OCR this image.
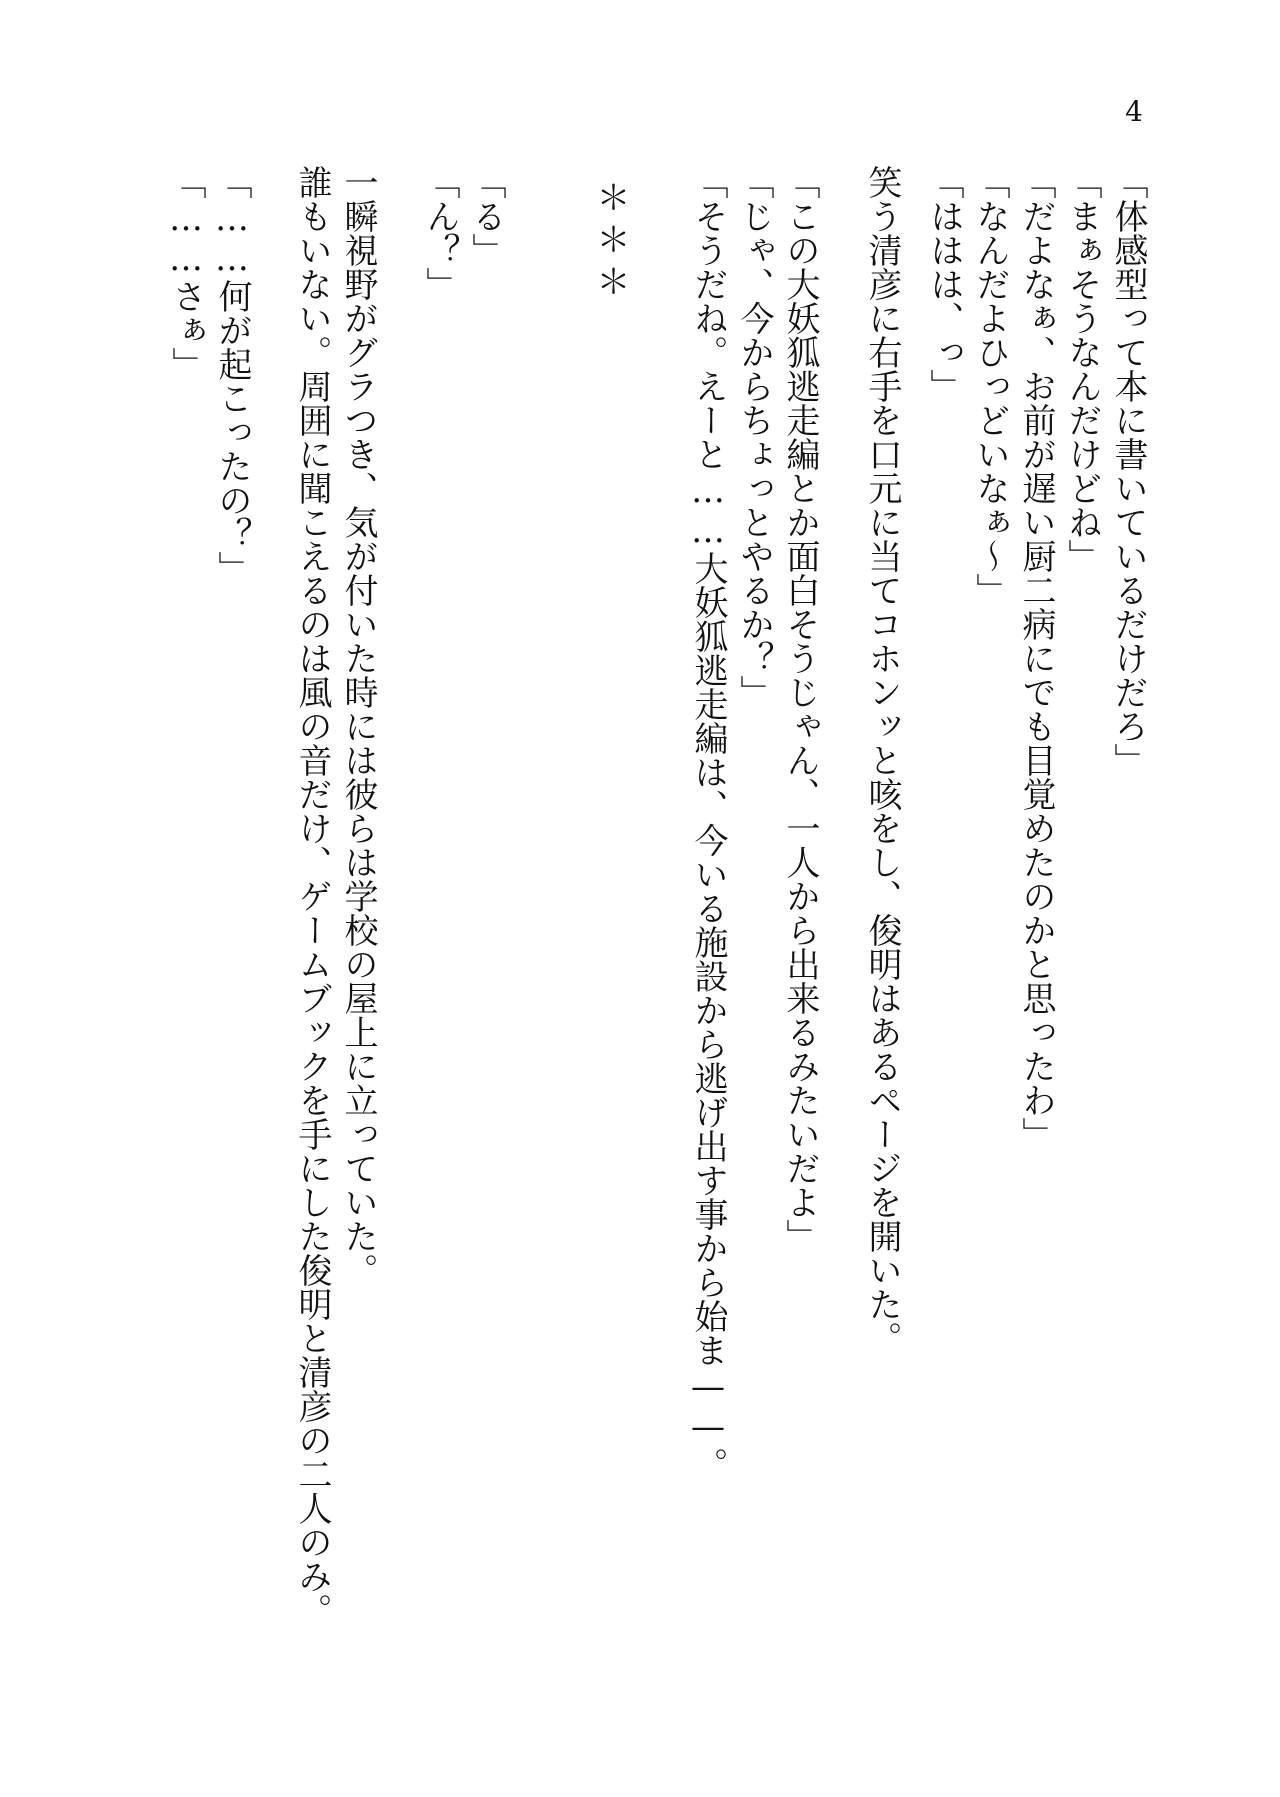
4
「体感型って本に書いているだけだろ」
「まぁそうなんだけどね」
「だよなぁ、お前が遅い厨二病にでも目覚めたのかと思ったわ」
「なんだよひっどいなぁ〜」
「ははは、っ」
笑う清彦に右手を口元に当てコホンッと咳をし、俊明はあるページを開いた。
「この大妖狐逃走編とか面白そうじゃん、一人から出来るみたいだよ」
「じゃ、今からちょっとやるか？」
「そうだね。えーと……大妖狐逃走編は、今いる施設から逃げ出す事から始ま——。
＊＊＊
「る」
「ん？」
一瞬視野がグラつき、気が付いた時には彼らは学校の屋上に立っていた。
誰もいない。周囲に聞こえるのは風の音だけ、ゲームブックを手にした俊明と清彦の二人のみ。
「……何が起こったの？」
「……さぁ」
